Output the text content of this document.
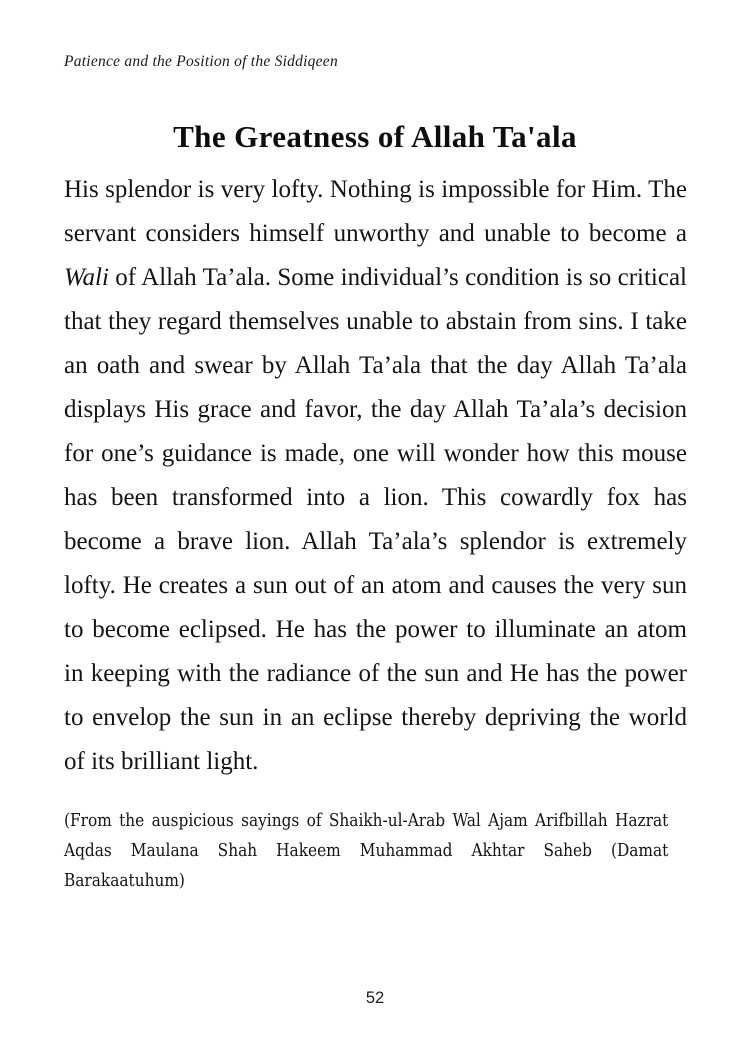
Patience and the Position of the Siddiqeen
The Greatness of Allah Ta'ala

His splendor is very lofty. Nothing is impossible for Him. The servant considers himself unworthy and unable to become a Wali of Allah Ta’ala. Some individual’s condition is so critical that they regard themselves unable to abstain from sins. I take an oath and swear by Allah Ta’ala that the day Allah Ta’ala displays His grace and favor, the day Allah Ta’ala’s decision for one’s guidance is made, one will wonder how this mouse has been transformed into a lion. This cowardly fox has become a brave lion. Allah Ta’ala’s splendor is extremely lofty. He creates a sun out of an atom and causes the very sun to become eclipsed. He has the power to illuminate an atom in keeping with the radiance of the sun and He has the power to envelop the sun in an eclipse thereby depriving the world of its brilliant light.

(From the auspicious sayings of Shaikh-ul-Arab Wal Ajam Arifbillah Hazrat Aqdas Maulana Shah Hakeem Muhammad Akhtar Saheb (Damat Barakaatuhum)

52
